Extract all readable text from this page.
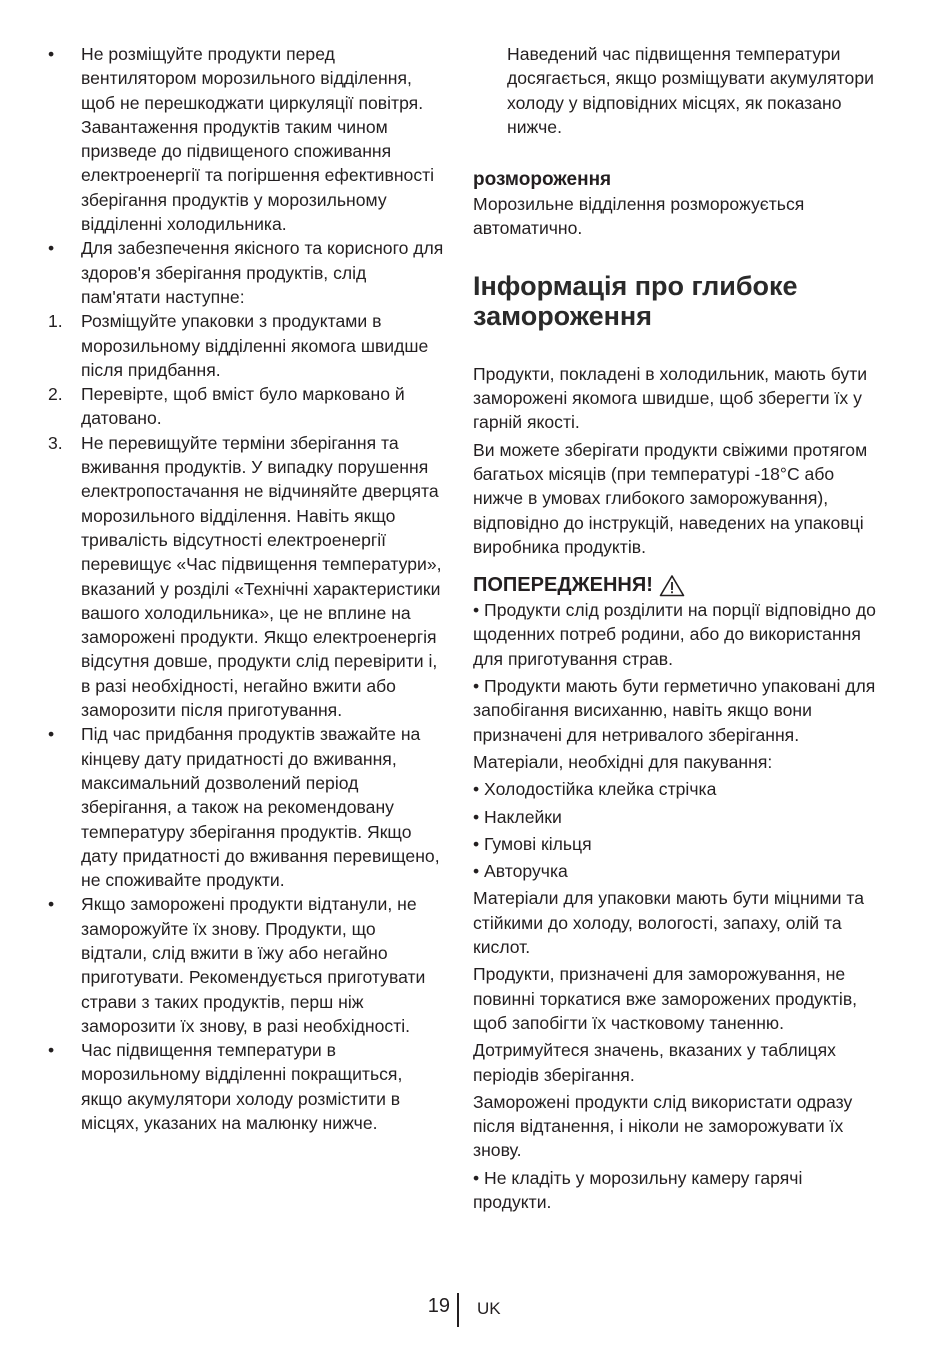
• Не розміщуйте продукти перед вентилятором морозильного відділення, щоб не перешкоджати циркуляції повітря. Завантаження продуктів таким чином призведе до підвищеного споживання електроенергії та погіршення ефективності зберігання продуктів у морозильному відділенні холодильника.

• Для забезпечення якісного та корисного для здоров'я зберігання продуктів, слід пам'ятати наступне:

1. Розміщуйте упаковки з продуктами в морозильному відділенні якомога швидше після придбання.

2. Перевірте, щоб вміст було марковано й датовано.

3. Не перевищуйте терміни зберігання та вживання продуктів. У випадку порушення електропостачання не відчиняйте дверцята морозильного відділення. Навіть якщо тривалість відсутності електроенергії перевищує «Час підвищення температури», вказаний у розділі «Технічні характеристики вашого холодильника», це не вплине на заморожені продукти. Якщо електроенергія відсутня довше, продукти слід перевірити і, в разі необхідності, негайно вжити або заморозити після приготування.

• Під час придбання продуктів зважайте на кінцеву дату придатності до вживання, максимальний дозволений період зберігання, а також на рекомендовану температуру зберігання продуктів. Якщо дату придатності до вживання перевищено, не споживайте продукти.

• Якщо заморожені продукти відтанули, не заморожуйте їх знову. Продукти, що відтали, слід вжити в їжу або негайно приготувати. Рекомендується приготувати страви з таких продуктів, перш ніж заморозити їх знову, в разі необхідності.

• Час підвищення температури в морозильному відділенні покращиться, якщо акумулятори холоду розмістити в місцях, указаних на малюнку нижче.

Наведений час підвищення температури досягається, якщо розміщувати акумулятори холоду у відповідних місцях, як показано нижче.

розмороження

Морозильне відділення розморожується автоматично.

Інформація про глибоке замороження

Продукти, покладені в холодильник, мають бути заморожені якомога швидше, щоб зберегти їх у гарній якості.

Ви можете зберігати продукти свіжими протягом багатьох місяців (при температурі -18°C або нижче в умовах глибокого заморожування), відповідно до інструкцій, наведених на упаковці виробника продуктів.

ПОПЕРЕДЖЕННЯ!

• Продукти слід розділити на порції відповідно до щоденних потреб родини, або до використання для приготування страв.

• Продукти мають бути герметично упаковані для запобігання висиханню, навіть якщо вони призначені для нетривалого зберігання.

Матеріали, необхідні для пакування:

• Холодостійка клейка стрічка

• Наклейки

• Гумові кільця

• Авторучка

Матеріали для упаковки мають бути міцними та стійкими до холоду, вологості, запаху, олій та кислот.

Продукти, призначені для заморожування, не повинні торкатися вже заморожених продуктів, щоб запобігти їх частковому таненню.

Дотримуйтеся значень, вказаних у таблицях періодів зберігання.

Заморожені продукти слід використати одразу після відтанення, і ніколи не заморожувати їх знову.

• Не кладіть у морозильну камеру гарячі продукти.

19 UK
